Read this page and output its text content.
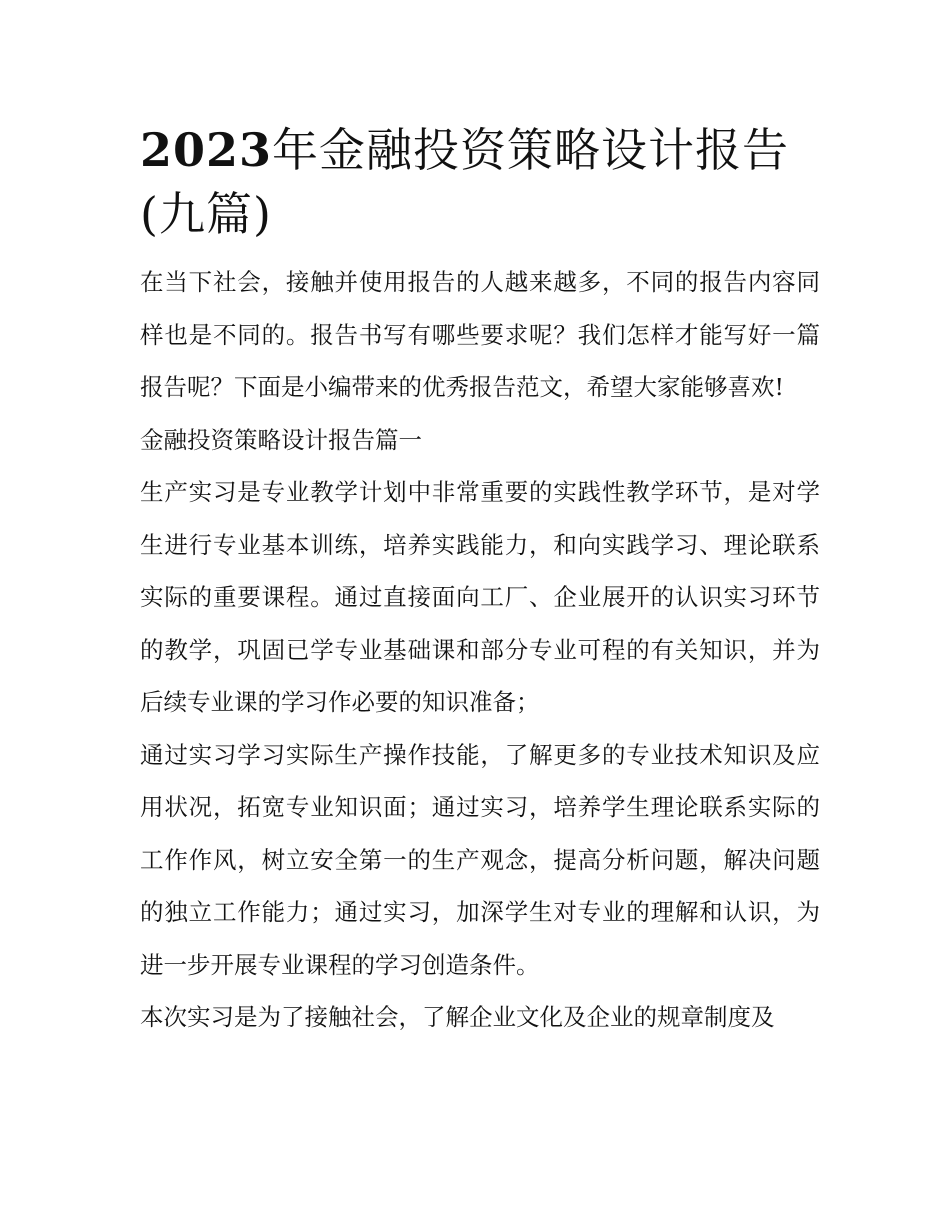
2023年金融投资策略设计报告(九篇)

在当下社会，接触并使用报告的人越来越多，不同的报告内容同样也是不同的。报告书写有哪些要求呢？我们怎样才能写好一篇报告呢？下面是小编带来的优秀报告范文，希望大家能够喜欢!

金融投资策略设计报告篇一

生产实习是专业教学计划中非常重要的实践性教学环节，是对学生进行专业基本训练，培养实践能力，和向实践学习、理论联系实际的重要课程。通过直接面向工厂、企业展开的认识实习环节的教学，巩固已学专业基础课和部分专业可程的有关知识，并为后续专业课的学习作必要的知识准备；

通过实习学习实际生产操作技能，了解更多的专业技术知识及应用状况，拓宽专业知识面；通过实习，培养学生理论联系实际的工作作风，树立安全第一的生产观念，提高分析问题，解决问题的独立工作能力；通过实习，加深学生对专业的理解和认识，为进一步开展专业课程的学习创造条件。

本次实习是为了接触社会，了解企业文化及企业的规章制度及
